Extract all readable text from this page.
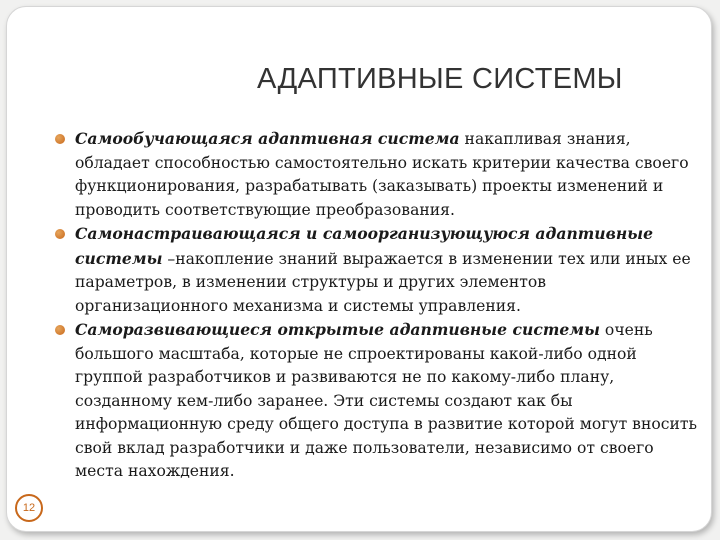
АДАПТИВНЫЕ СИСТЕМЫ
Самообучающаяся адаптивная система накапливая знания, обладает способностью самостоятельно искать критерии качества своего функционирования, разрабатывать (заказывать) проекты изменений и проводить соответствующие преобразования.
Самонастраивающаяся и самоорганизующуюся адаптивные системы –накопление знаний выражается в изменении тех или иных ее параметров, в изменении структуры и других элементов организационного механизма и системы управления.
Саморазвивающиеся открытые адаптивные системы очень большого масштаба, которые не спроектированы какой-либо одной группой разработчиков и развиваются не по какому-либо плану, созданному кем-либо заранее. Эти системы создают как бы информационную среду общего доступа в развитие которой могут вносить свой вклад разработчики и даже пользователи, независимо от своего места нахождения.
12
